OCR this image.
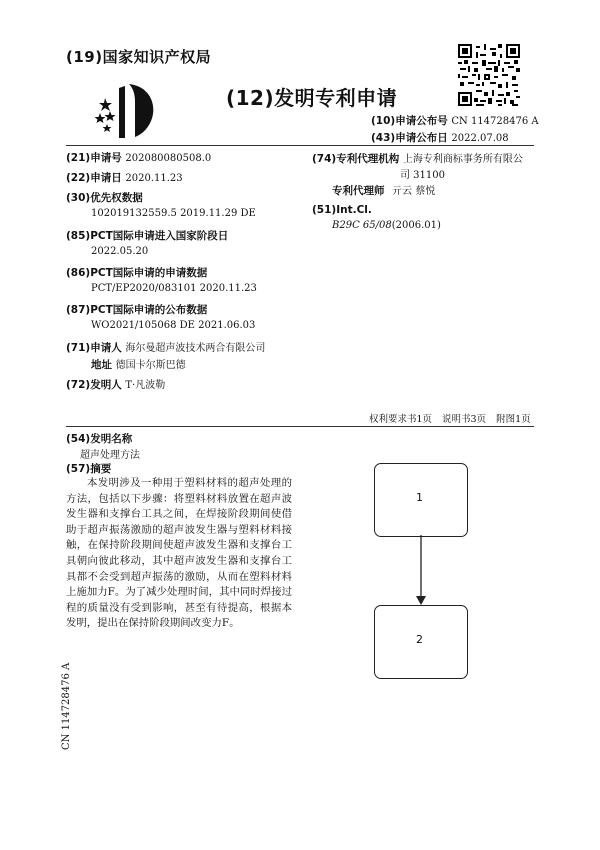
(19)国家知识产权局
(12)发明专利申请
(10)申请公布号 CN 114728476 A
(43)申请公布日 2022.07.08
(21)申请号 202080080508.0
(22)申请日 2020.11.23
(30)优先权数据
102019132559.5 2019.11.29 DE
(85)PCT国际申请进入国家阶段日
2022.05.20
(86)PCT国际申请的申请数据
PCT/EP2020/083101 2020.11.23
(87)PCT国际申请的公布数据
WO2021/105068 DE 2021.06.03
(71)申请人 海尔曼超声波技术两合有限公司
地址 德国卡尔斯巴德
(72)发明人 T·凡波勒
(74)专利代理机构 上海专利商标事务所有限公
司 31100
专利代理师 亓云 蔡悦
(51)Int.Cl.
B29C 65/08(2006.01)
权利要求书1页 说明书3页 附图1页
(54)发明名称
超声处理方法
(57)摘要

本发明涉及一种用于塑料材料的超声处理的方法，包括以下步骤：将塑料材料放置在超声波发生器和支撑台工具之间，在焊接阶段期间使借助于超声振荡激励的超声波发生器与塑料材料接触，在保持阶段期间使超声波发生器和支撑台工具朝向彼此移动，其中超声波发生器和支撑台工具都不会受到超声振荡的激励，从而在塑料材料上施加力F。为了减少处理时间，其中同时焊接过程的质量没有受到影响，甚至有待提高，根据本发明，提出在保持阶段期间改变力F。

CN 114728476 A
1
2
